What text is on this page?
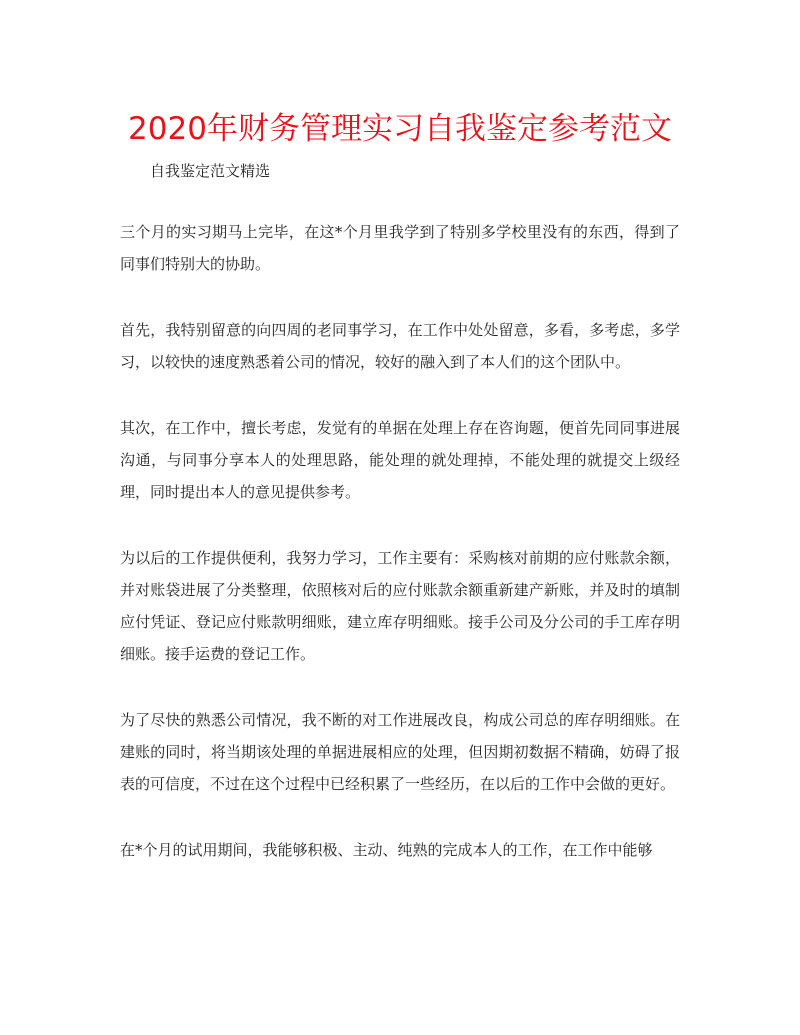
2020年财务管理实习自我鉴定参考范文

自我鉴定范文精选

三个月的实习期马上完毕，在这*个月里我学到了特别多学校里没有的东西，得到了同事们特别大的协助。

首先，我特别留意的向四周的老同事学习，在工作中处处留意，多看，多考虑，多学习，以较快的速度熟悉着公司的情况，较好的融入到了本人们的这个团队中。

其次，在工作中，擅长考虑，发觉有的单据在处理上存在咨询题，便首先同同事进展沟通，与同事分享本人的处理思路，能处理的就处理掉，不能处理的就提交上级经理，同时提出本人的意见提供参考。

为以后的工作提供便利，我努力学习，工作主要有：采购核对前期的应付账款余额，并对账袋进展了分类整理，依照核对后的应付账款余额重新建产新账，并及时的填制应付凭证、登记应付账款明细账，建立库存明细账。接手公司及分公司的手工库存明细账。接手运费的登记工作。

为了尽快的熟悉公司情况，我不断的对工作进展改良，构成公司总的库存明细账。在建账的同时，将当期该处理的单据进展相应的处理，但因期初数据不精确，妨碍了报表的可信度，不过在这个过程中已经积累了一些经历，在以后的工作中会做的更好。

在*个月的试用期间，我能够积极、主动、纯熟的完成本人的工作，在工作中能够
